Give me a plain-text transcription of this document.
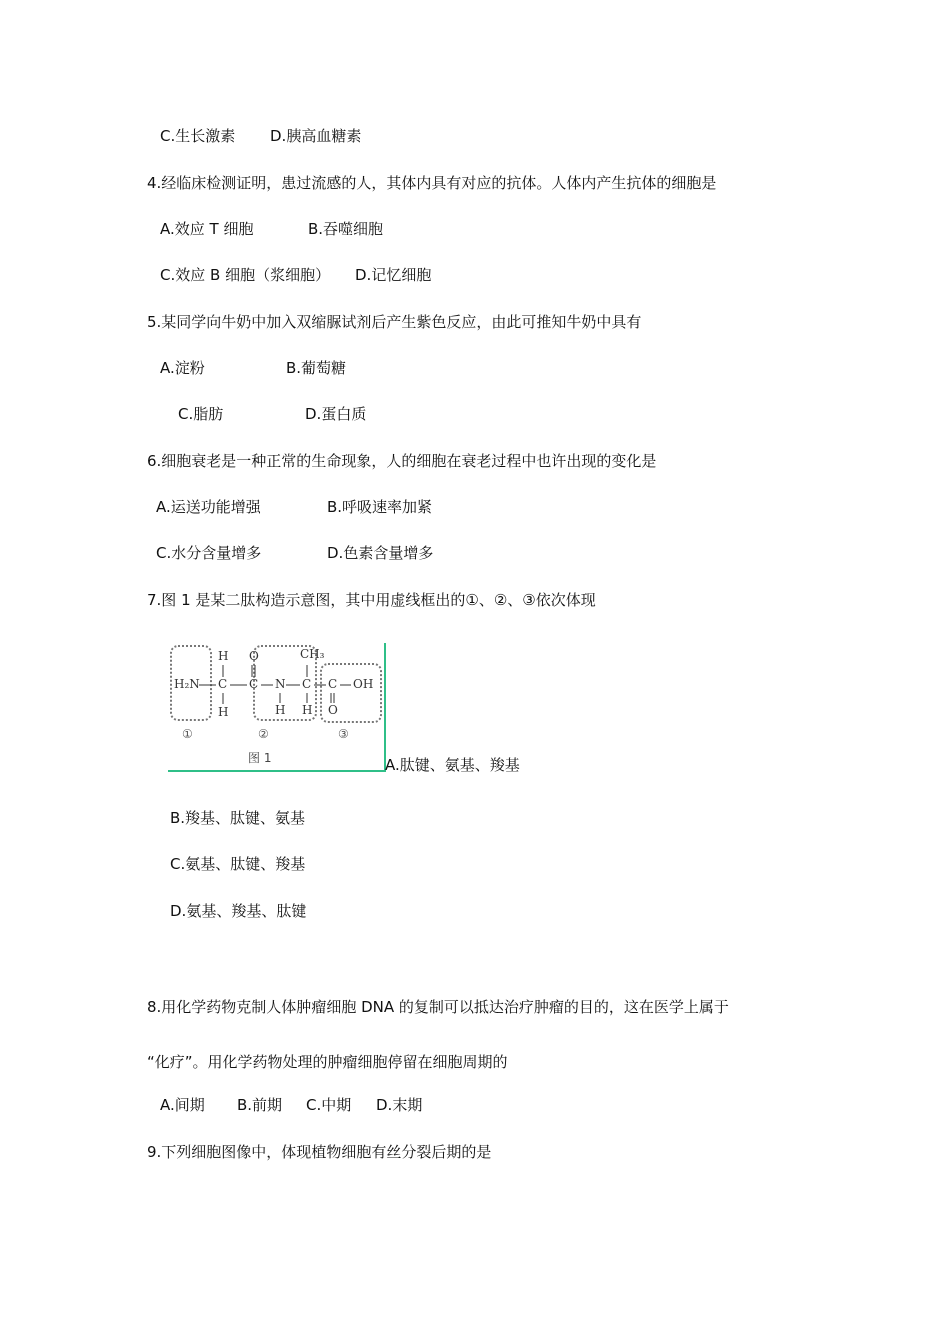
C.生长激素 D.胰高血糖素
4.经临床检测证明，患过流感的人，其体内具有对应的抗体。人体内产生抗体的细胞是
A.效应 T 细胞	B.吞噬细胞
C.效应 B 细胞（浆细胞） D.记忆细胞
5.某同学向牛奶中加入双缩脲试剂后产生紫色反应，由此可推知牛奶中具有
A.淀粉	B.葡萄糖
C.脂肪	D.蛋白质
6.细胞衰老是一种正常的生命现象，人的细胞在衰老过程中也许出现的变化是
A.运送功能增强	B.呼吸速率加紧
C.水分含量增多	D.色素含量增多
7.图 1 是某二肽构造示意图，其中用虚线框出的①、②、③依次体现
H₂N
H
C
H
O
C N
H
CH₃
C
H
C
O
OH
①	②	③
图 1	A.肽键、氨基、羧基
B.羧基、肽键、氨基
C.氨基、肽键、羧基
D.氨基、羧基、肽键
8.用化学药物克制人体肿瘤细胞 DNA 的复制可以抵达治疗肿瘤的目的，这在医学上属于
“化疗”。用化学药物处理的肿瘤细胞停留在细胞周期的
A.间期 B.前期 C.中期 D.末期
9.下列细胞图像中，体现植物细胞有丝分裂后期的是
